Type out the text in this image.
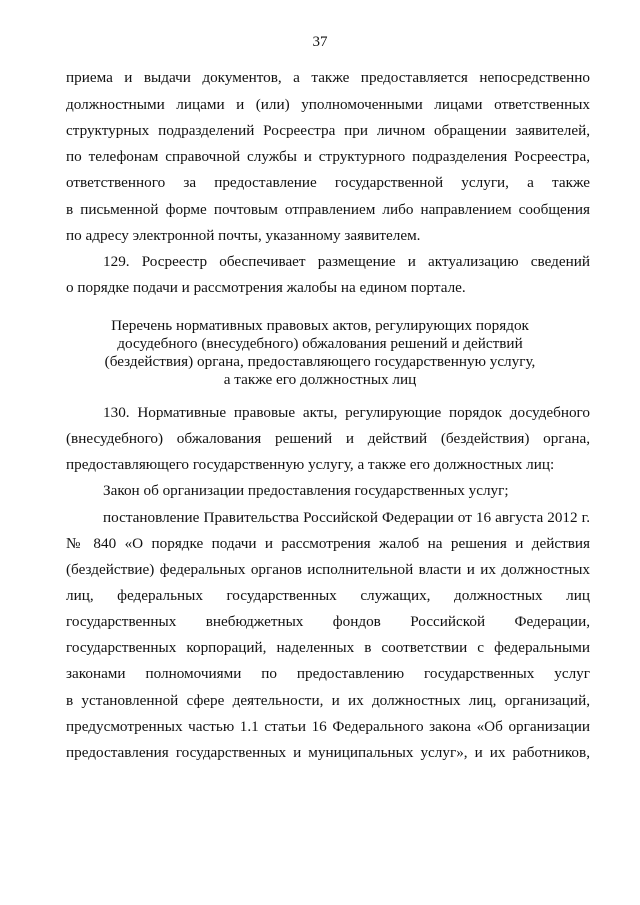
37

приема и выдачи документов, а также предоставляется непосредственно

должностными лицами и (или) уполномоченными лицами ответственных

структурных подразделений Росреестра при личном обращении заявителей,

по телефонам справочной службы и структурного подразделения Росреестра,

ответственного за предоставление государственной услуги, а также

в письменной форме почтовым отправлением либо направлением сообщения

по адресу электронной почты, указанному заявителем.

129. Росреестр обеспечивает размещение и актуализацию сведений

о порядке подачи и рассмотрения жалобы на едином портале.

Перечень нормативных правовых актов, регулирующих порядок

досудебного (внесудебного) обжалования решений и действий

(бездействия) органа, предоставляющего государственную услугу,

а также его должностных лиц

130. Нормативные правовые акты, регулирующие порядок досудебного

(внесудебного) обжалования решений и действий (бездействия) органа,

предоставляющего государственную услугу, а также его должностных лиц:

Закон об организации предоставления государственных услуг;

постановление Правительства Российской Федерации от 16 августа 2012 г.

№ 840 «О порядке подачи и рассмотрения жалоб на решения и действия

(бездействие) федеральных органов исполнительной власти и их должностных

лиц, федеральных государственных служащих, должностных лиц

государственных внебюджетных фондов Российской Федерации,

государственных корпораций, наделенных в соответствии с федеральными

законами полномочиями по предоставлению государственных услуг

в установленной сфере деятельности, и их должностных лиц, организаций,

предусмотренных частью 1.1 статьи 16 Федерального закона «Об организации

предоставления государственных и муниципальных услуг», и их работников,
